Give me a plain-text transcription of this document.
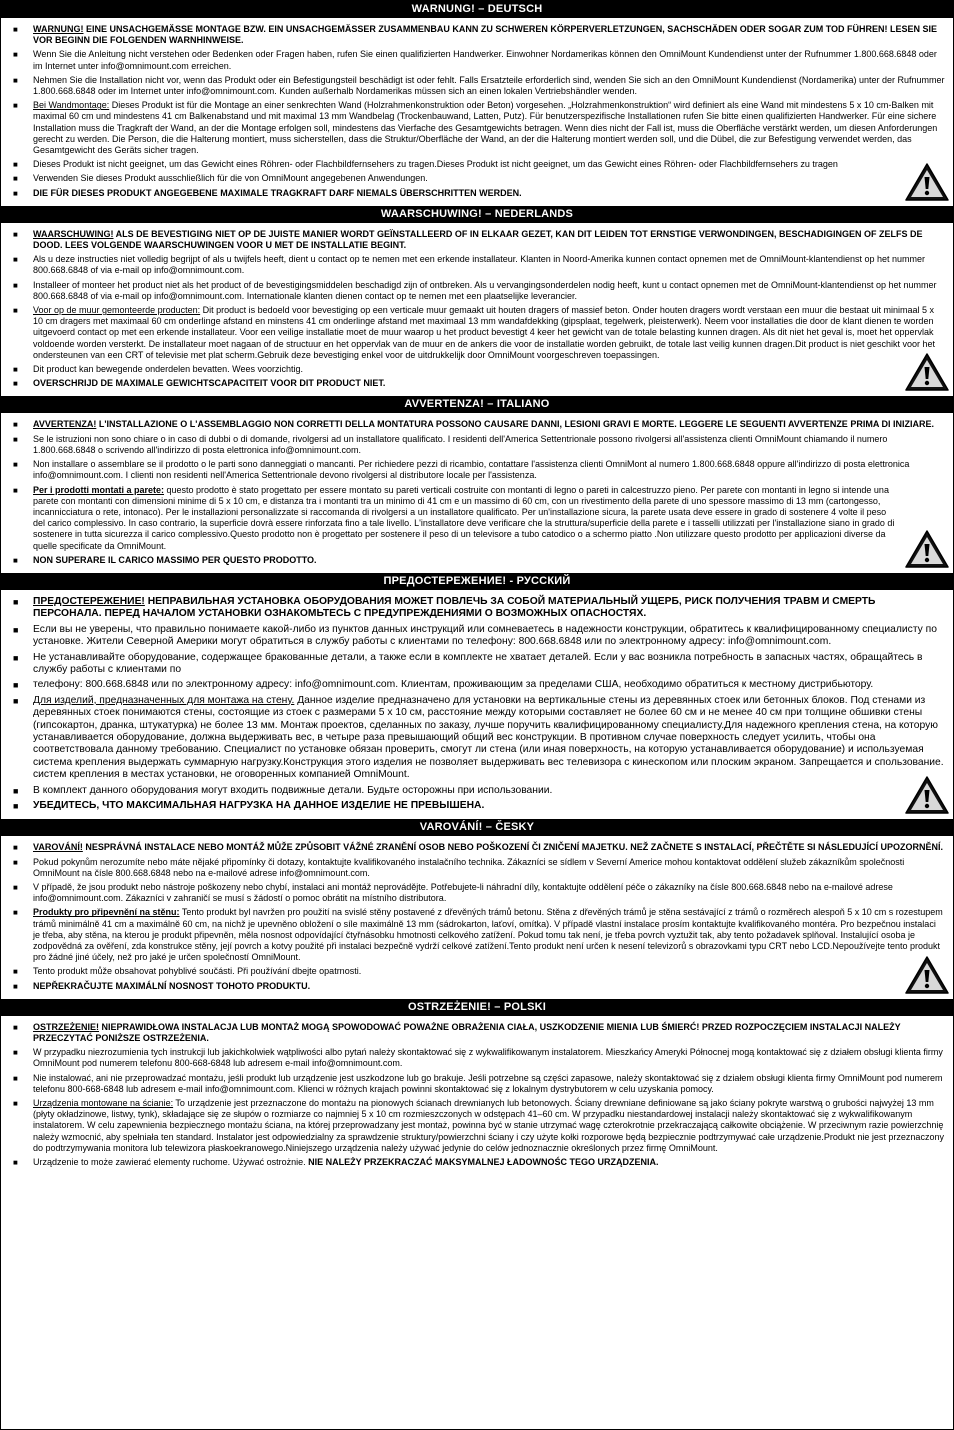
WARNUNG! – DEUTSCH
■ WARNUNG! EINE UNSACHGEMÄSSE MONTAGE BZW. EIN UNSACHGEMÄSSER ZUSAMMENBAU KANN ZU SCHWEREN KÖRPERVERLETZUNGEN, SACHSCHÄDEN ODER SOGAR ZUM TOD FÜHREN! LESEN SIE VOR BEGINN DIE FOLGENDEN WARNHINWEISE.
■ Wenn Sie die Anleitung nicht verstehen oder Bedenken oder Fragen haben, rufen Sie einen qualifizierten Handwerker. Einwohner Nordamerikas können den OmniMount Kundendienst unter der Rufnummer 1.800.668.6848 oder im Internet unter info@omnimount.com erreichen.
■ Nehmen Sie die Installation nicht vor, wenn das Produkt oder ein Befestigungsteil beschädigt ist oder fehlt. Falls Ersatzteile erforderlich sind, wenden Sie sich an den OmniMount Kundendienst (Nordamerika) unter der Rufnummer 1.800.668.6848 oder im Internet unter info@omnimount.com. Kunden außerhalb Nordamerikas müssen sich an einen lokalen Vertriebshändler wenden.
■ Bei Wandmontage: Dieses Produkt ist für die Montage an einer senkrechten Wand (Holzrahmenkonstruktion oder Beton) vorgesehen. „Holzrahmenkonstruktion“ wird definiert als eine Wand mit mindestens 5 x 10 cm-Balken mit maximal 60 cm und mindestens 41 cm Balkenabstand und mit maximal 13 mm Wandbelag (Trockenbauwand, Latten, Putz). Für benutzerspezifische Installationen rufen Sie bitte einen qualifizierten Handwerker. Für eine sichere Installation muss die Tragkraft der Wand, an der die Montage erfolgen soll, mindestens das Vierfache des Gesamtgewichts betragen. Wenn dies nicht der Fall ist, muss die Oberfläche verstärkt werden, um diesen Anforderungen gerecht zu werden. Die Person, die die Halterung montiert, muss sicherstellen, dass die Struktur/Oberfläche der Wand, an der die Halterung montiert werden soll, und die Dübel, die zur Befestigung verwendet werden, das Gesamtgewicht des Geräts sicher tragen.
■ Dieses Produkt ist nicht geeignet, um das Gewicht eines Röhren- oder Flachbildfernsehers zu tragen.Dieses Produkt ist nicht geeignet, um das Gewicht eines Röhren- oder Flachbildfernsehers zu tragen
■ Verwenden Sie dieses Produkt ausschließlich für die von OmniMount angegebenen Anwendungen.
■ DIE FÜR DIESES PRODUKT ANGEGEBENE MAXIMALE TRAGKRAFT DARF NIEMALS ÜBERSCHRITTEN WERDEN.
WAARSCHUWING! – NEDERLANDS
■ WAARSCHUWING! ALS DE BEVESTIGING NIET OP DE JUISTE MANIER WORDT GEÏNSTALLEERD OF IN ELKAAR GEZET, KAN DIT LEIDEN TOT ERNSTIGE VERWONDINGEN, BESCHADIGINGEN OF ZELFS DE DOOD. LEES VOLGENDE WAARSCHUWINGEN VOOR U MET DE INSTALLATIE BEGINT.
■ Als u deze instructies niet volledig begrijpt of als u twijfels heeft, dient u contact op te nemen met een erkende installateur. Klanten in Noord-Amerika kunnen contact opnemen met de OmniMount-klantendienst op het nummer 800.668.6848 of via e-mail op info@omnimount.com.
■ Installeer of monteer het product niet als het product of de bevestigingsmiddelen beschadigd zijn of ontbreken. Als u vervangingsonderdelen nodig heeft, kunt u contact opnemen met de OmniMount-klantendienst op het nummer 800.668.6848 of via e-mail op info@omnimount.com. Internationale klanten dienen contact op te nemen met een plaatselijke leverancier.
■ Voor op de muur gemonteerde producten: Dit product is bedoeld voor bevestiging op een verticale muur gemaakt uit houten dragers of massief beton. Onder houten dragers wordt verstaan een muur die bestaat uit minimaal 5 x 10 cm dragers met maximaal 60 cm onderlinge afstand en minstens 41 cm onderlinge afstand met maximaal 13 mm wandafdekking (gipsplaat, tegelwerk, pleisterwerk). Neem voor installaties die door de klant dienen te worden uitgevoerd contact op met een erkende installateur. Voor een veilige installatie moet de muur waarop u het product bevestigt 4 keer het gewicht van de totale belasting kunnen dragen. Als dit niet het geval is, moet het oppervlak voldoende worden versterkt. De installateur moet nagaan of de structuur en het oppervlak van de muur en de ankers die voor de installatie worden gebruikt, de totale last veilig kunnen dragen.Dit product is niet geschikt voor het ondersteunen van een CRT of televisie met plat scherm.Gebruik deze bevestiging enkel voor de uitdrukkelijk door OmniMount voorgeschreven toepassingen.
■ Dit product kan bewegende onderdelen bevatten. Wees voorzichtig.
■ OVERSCHRIJD DE MAXIMALE GEWICHTSCAPACITEIT VOOR DIT PRODUCT NIET.
AVVERTENZA! – ITALIANO
■ AVVERTENZA! L'INSTALLAZIONE O L'ASSEMBLAGGIO NON CORRETTI DELLA MONTATURA POSSONO CAUSARE DANNI, LESIONI GRAVI E MORTE. LEGGERE LE SEGUENTI AVVERTENZE PRIMA DI INIZIARE.
■ Se le istruzioni non sono chiare o in caso di dubbi o di domande, rivolgersi ad un installatore qualificato. I residenti dell'America Settentrionale possono rivolgersi all'assistenza clienti OmniMount chiamando il numero 1.800.668.6848 o scrivendo all'indirizzo di posta elettronica info@omnimount.com.
■ Non installare o assemblare se il prodotto o le parti sono danneggiati o mancanti. Per richiedere pezzi di ricambio, contattare l'assistenza clienti OmniMont al numero 1.800.668.6848 oppure all'indirizzo di posta elettronica info@omnimount.com. I clienti non residenti nell'America Settentrionale devono rivolgersi al distributore locale per l'assistenza.
■ Per i prodotti montati a parete: questo prodotto è stato progettato per essere montato su pareti verticali costruite con montanti di legno o pareti in calcestruzzo pieno. Per parete con montanti in legno si intende una parete con montanti con dimensioni minime di 5 x 10 cm, e distanza tra i montanti tra un minimo di 41 cm e un massimo di 60 cm, con un rivestimento della parete di uno spessore massimo di 13 mm (cartongesso, incannicciatura o rete, intonaco). Per le installazioni personalizzate si raccomanda di rivolgersi a un installatore qualificato. Per un'installazione sicura, la parete usata deve essere in grado di sostenere 4 volte il peso del carico complessivo. In caso contrario, la superficie dovrà essere rinforzata fino a tale livello. L'installatore deve verificare che la struttura/superficie della parete e i tasselli utilizzati per l'installazione siano in grado di sostenere in tutta sicurezza il carico complessivo.Questo prodotto non è progettato per sostenere il peso di un televisore a tubo catodico o a schermo piatto .Non utilizzare questo prodotto per applicazioni diverse da quelle specificate da OmniMount.
■ NON SUPERARE IL CARICO MASSIMO PER QUESTO PRODOTTO.
ПРЕДОСТЕРЕЖЕНИЕ! - РУССКИЙ
■ ПРЕДОСТЕРЕЖЕНИЕ! НЕПРАВИЛЬНАЯ УСТАНОВКА ОБОРУДОВАНИЯ МОЖЕТ ПОВЛЕЧЬ ЗА СОБОЙ МАТЕРИАЛЬНЫЙ УЩЕРБ, РИСК ПОЛУЧЕНИЯ ТРАВМ И СМЕРТЬ ПЕРСОНАЛА. ПЕРЕД НАЧАЛОМ УСТАНОВКИ ОЗНАКОМЬТЕСЬ С ПРЕДУПРЕЖДЕНИЯМИ О ВОЗМОЖНЫХ ОПАСНОСТЯХ.
■ Если вы не уверены, что правильно понимаете какой-либо из пунктов данных инструкций или сомневаетесь в надежности конструкции, обратитесь к квалифицированному специалисту по установке. Жители Северной Америки могут обратиться в службу работы с клиентами по телефону: 800.668.6848 или по электронному адресу: info@omnimount.com.
■ Не устанавливайте оборудование, содержащее бракованные детали, а также если в комплекте не хватает деталей. Если у вас возникла потребность в запасных частях, обращайтесь в службу работы с клиентами по
■ телефону: 800.668.6848 или по электронному адресу: info@omnimount.com. Клиентам, проживающим за пределами США, необходимо обратиться к местному дистрибьютору.
■ Для изделий, предназначенных для монтажа на стену. Данное изделие предназначено для установки на вертикальные стены из деревянных стоек или бетонных блоков. Под стенами из деревянных стоек понимаются стены, состоящие из стоек с размерами 5 x 10 см, расстояние между которыми составляет не более 60 см и не менее 40 см при толщине обшивки стены (гипсокартон, дранка, штукатурка) не более 13 мм. Монтаж проектов, сделанных по заказу, лучше поручить квалифицированному специалисту.Для надежного крепления стена, на которую устанавливается оборудование, должна выдерживать вес, в четыре раза превышающий общий вес конструкции. В противном случае поверхность следует усилить, чтобы она соответствовала данному требованию. Специалист по установке обязан проверить, смогут ли стена (или иная поверхность, на которую устанавливается оборудование) и используемая система крепления выдержать суммарную нагрузку.Конструкция этого изделия не позволяет выдерживать вес телевизора с кинескопом или плоским экраном. Запрещается и спользование. систем крепления в местах установки, не оговоренных компанией OmniMount.
■ В комплект данного оборудования могут входить подвижные детали. Будьте осторожны при использовании.
■ УБЕДИТЕСЬ, ЧТО МАКСИМАЛЬНАЯ НАГРУЗКА НА ДАННОЕ ИЗДЕЛИЕ НЕ ПРЕВЫШЕНА.
VAROVÁNÍ! – ČESKY
■ VAROVÁNÍ! NESPRÁVNÁ INSTALACE NEBO MONTÁŽ MŮŽE ZPŮSOBIT VÁŽNÉ ZRANĚNÍ OSOB NEBO POŠKOZENÍ ČI ZNIČENÍ MAJETKU. NEŽ ZAČNETE S INSTALACÍ, PŘEČTĚTE SI NÁSLEDUJÍCÍ UPOZORNĚNÍ.
■ Pokud pokynům nerozumíte nebo máte nějaké připomínky či dotazy, kontaktujte kvalifikovaného instalačního technika. Zákazníci se sídlem v Severní Americe mohou kontaktovat oddělení služeb zákazníkům společnosti OmniMount na čísle 800.668.6848 nebo na e-mailové adrese info@omnimount.com.
■ V případě, že jsou produkt nebo nástroje poškozeny nebo chybí, instalaci ani montáž neprovádějte. Potřebujete-li náhradní díly, kontaktujte oddělení péče o zákazníky na čísle 800.668.6848 nebo na e-mailové adrese info@omnimount.com. Zákazníci v zahraničí se musí s žádostí o pomoc obrátit na místního distributora.
■ Produkty pro připevnění na stěnu: Tento produkt byl navržen pro použití na svislé stěny postavené z dřevěných trámů betonu. Stěna z dřevěných trámů je stěna sestávající z trámů o rozměrech alespoň 5 x 10 cm s rozestupem trámů minimálně 41 cm a maximálně 60 cm, na nichž je upevněno obložení o síle maximálně 13 mm (sádrokarton, laťoví, omítka). V případě vlastní instalace prosím kontaktujte kvalifikovaného montéra. Pro bezpečnou instalaci je třeba, aby stěna, na kterou je produkt připevněn, měla nosnost odpovídající čtyřnásobku hmotnosti celkového zatížení. Pokud tomu tak není, je třeba povrch vyztužit tak, aby tento požadavek splňoval. Instalující osoba je zodpovědná za ověření, zda konstrukce stěny, její povrch a kotvy použité při instalaci bezpečně vydrží celkové zatížení.Tento produkt není určen k nesení televizorů s obrazovkami typu CRT nebo LCD.Nepoužívejte tento produkt pro žádné jiné účely, než pro jaké je určen společností OmniMount.
■ Tento produkt může obsahovat pohyblivé součásti. Při používání dbejte opatrnosti.
■ NEPŘEKRAČUJTE MAXIMÁLNÍ NOSNOST TOHOTO PRODUKTU.
OSTRZEŻENIE! – POLSKI
■ OSTRZEŻENIE! NIEPRAWIDŁOWA INSTALACJA LUB MONTAŻ MOGĄ SPOWODOWAĆ POWAŻNE OBRAŻENIA CIAŁA, USZKODZENIE MIENIA LUB ŚMIERĆ! PRZED ROZPOCZĘCIEM INSTALACJI NALEŻY PRZECZYTAĆ PONIŻSZE OSTRZEŻENIA.
■ W przypadku niezrozumienia tych instrukcji lub jakichkolwiek wątpliwości albo pytań należy skontaktować się z wykwalifikowanym instalatorem. Mieszkańcy Ameryki Północnej mogą kontaktować się z działem obsługi klienta firmy OmniMount pod numerem telefonu 800-668-6848 lub adresem e-mail info@omnimount.com.
■ Nie instalować, ani nie przeprowadzać montażu, jeśli produkt lub urządzenie jest uszkodzone lub go brakuje. Jeśli potrzebne są części zapasowe, należy skontaktować się z działem obsługi klienta firmy OmniMount pod numerem telefonu 800-668-6848 lub adresem e-mail info@omnimount.com. Klienci w różnych krajach powinni skontaktować się z lokalnym dystrybutorem w celu uzyskania pomocy.
■ Urządzenia montowane na ścianie: To urządzenie jest przeznaczone do montażu na pionowych ścianach drewnianych lub betonowych. Ściany drewniane definiowane są jako ściany pokryte warstwą o grubości najwyżej 13 mm (płyty okładzinowe, listwy, tynk), składające się ze słupów o rozmiarze co najmniej 5 x 10 cm rozmieszczonych w odstępach 41–60 cm. W przypadku niestandardowej instalacji należy skontaktować się z wykwalifikowanym instalatorem. W celu zapewnienia bezpiecznego montażu ściana, na której przeprowadzany jest montaż, powinna być w stanie utrzymać wagę czterokrotnie przekraczającą całkowite obciążenie. W przeciwnym razie powierzchnię należy wzmocnić, aby spełniała ten standard. Instalator jest odpowiedzialny za sprawdzenie struktury/powierzchni ściany i czy użyte kołki rozporowe będą bezpiecznie podtrzymywać całe urządzenie.Produkt nie jest przeznaczony do podtrzymywania monitora lub telewizora płaskoekranowego.Niniejszego urządzenia należy używać jedynie do celów jednoznacznie określonych przez firmę OmniMount.
■ Urządzenie to może zawierać elementy ruchome. Używać ostrożnie. NIE NALEŻY PRZEKRACZAĆ MAKSYMALNEJ ŁADOWNOŚC TEGO URZĄDZENIA.
